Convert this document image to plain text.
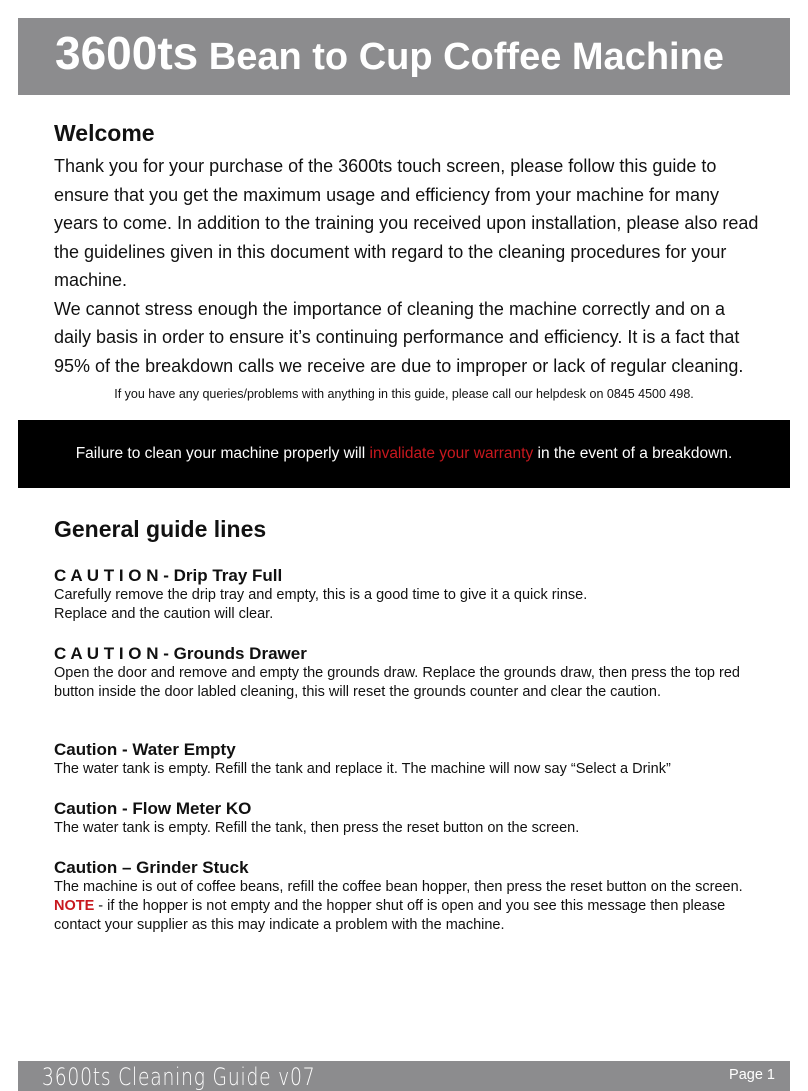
3600ts Bean to Cup Coffee Machine
Welcome

Thank you for your purchase of the 3600ts touch screen, please follow this guide to ensure that you get the maximum usage and efficiency from your machine for many years to come. In addition to the training you received upon installation, please also read the guidelines given in this document with regard to the cleaning procedures for your machine.

We cannot stress enough the importance of cleaning the machine correctly and on a daily basis in order to ensure it’s continuing performance and efficiency. It is a fact that 95% of the breakdown calls we receive are due to improper or lack of regular cleaning.

If you have any queries/problems with anything in this guide, please call our helpdesk on 0845 4500 498.
Failure to clean your machine properly will invalidate your warranty in the event of a breakdown.
General guide lines
C A U T I O N - Drip Tray Full

Carefully remove the drip tray and empty, this is a good time to give it a quick rinse.

Replace and the caution will clear.

C A U T I O N - Grounds Drawer

Open the door and remove and empty the grounds draw. Replace the grounds draw, then press the top red button inside the door labled cleaning, this will reset the grounds counter and clear the caution.

Caution - Water Empty

The water tank is empty. Refill the tank and replace it. The machine will now say “Select a Drink”

Caution - Flow Meter KO

The water tank is empty. Refill the tank, then press the reset button on the screen.

Caution – Grinder Stuck

The machine is out of coffee beans, refill the coffee bean hopper, then press the reset button on the screen.

NOTE - if the hopper is not empty and the hopper shut off is open and you see this message then please contact your supplier as this may indicate a problem with the machine.

3600ts Cleaning Guide v07	Page 1
